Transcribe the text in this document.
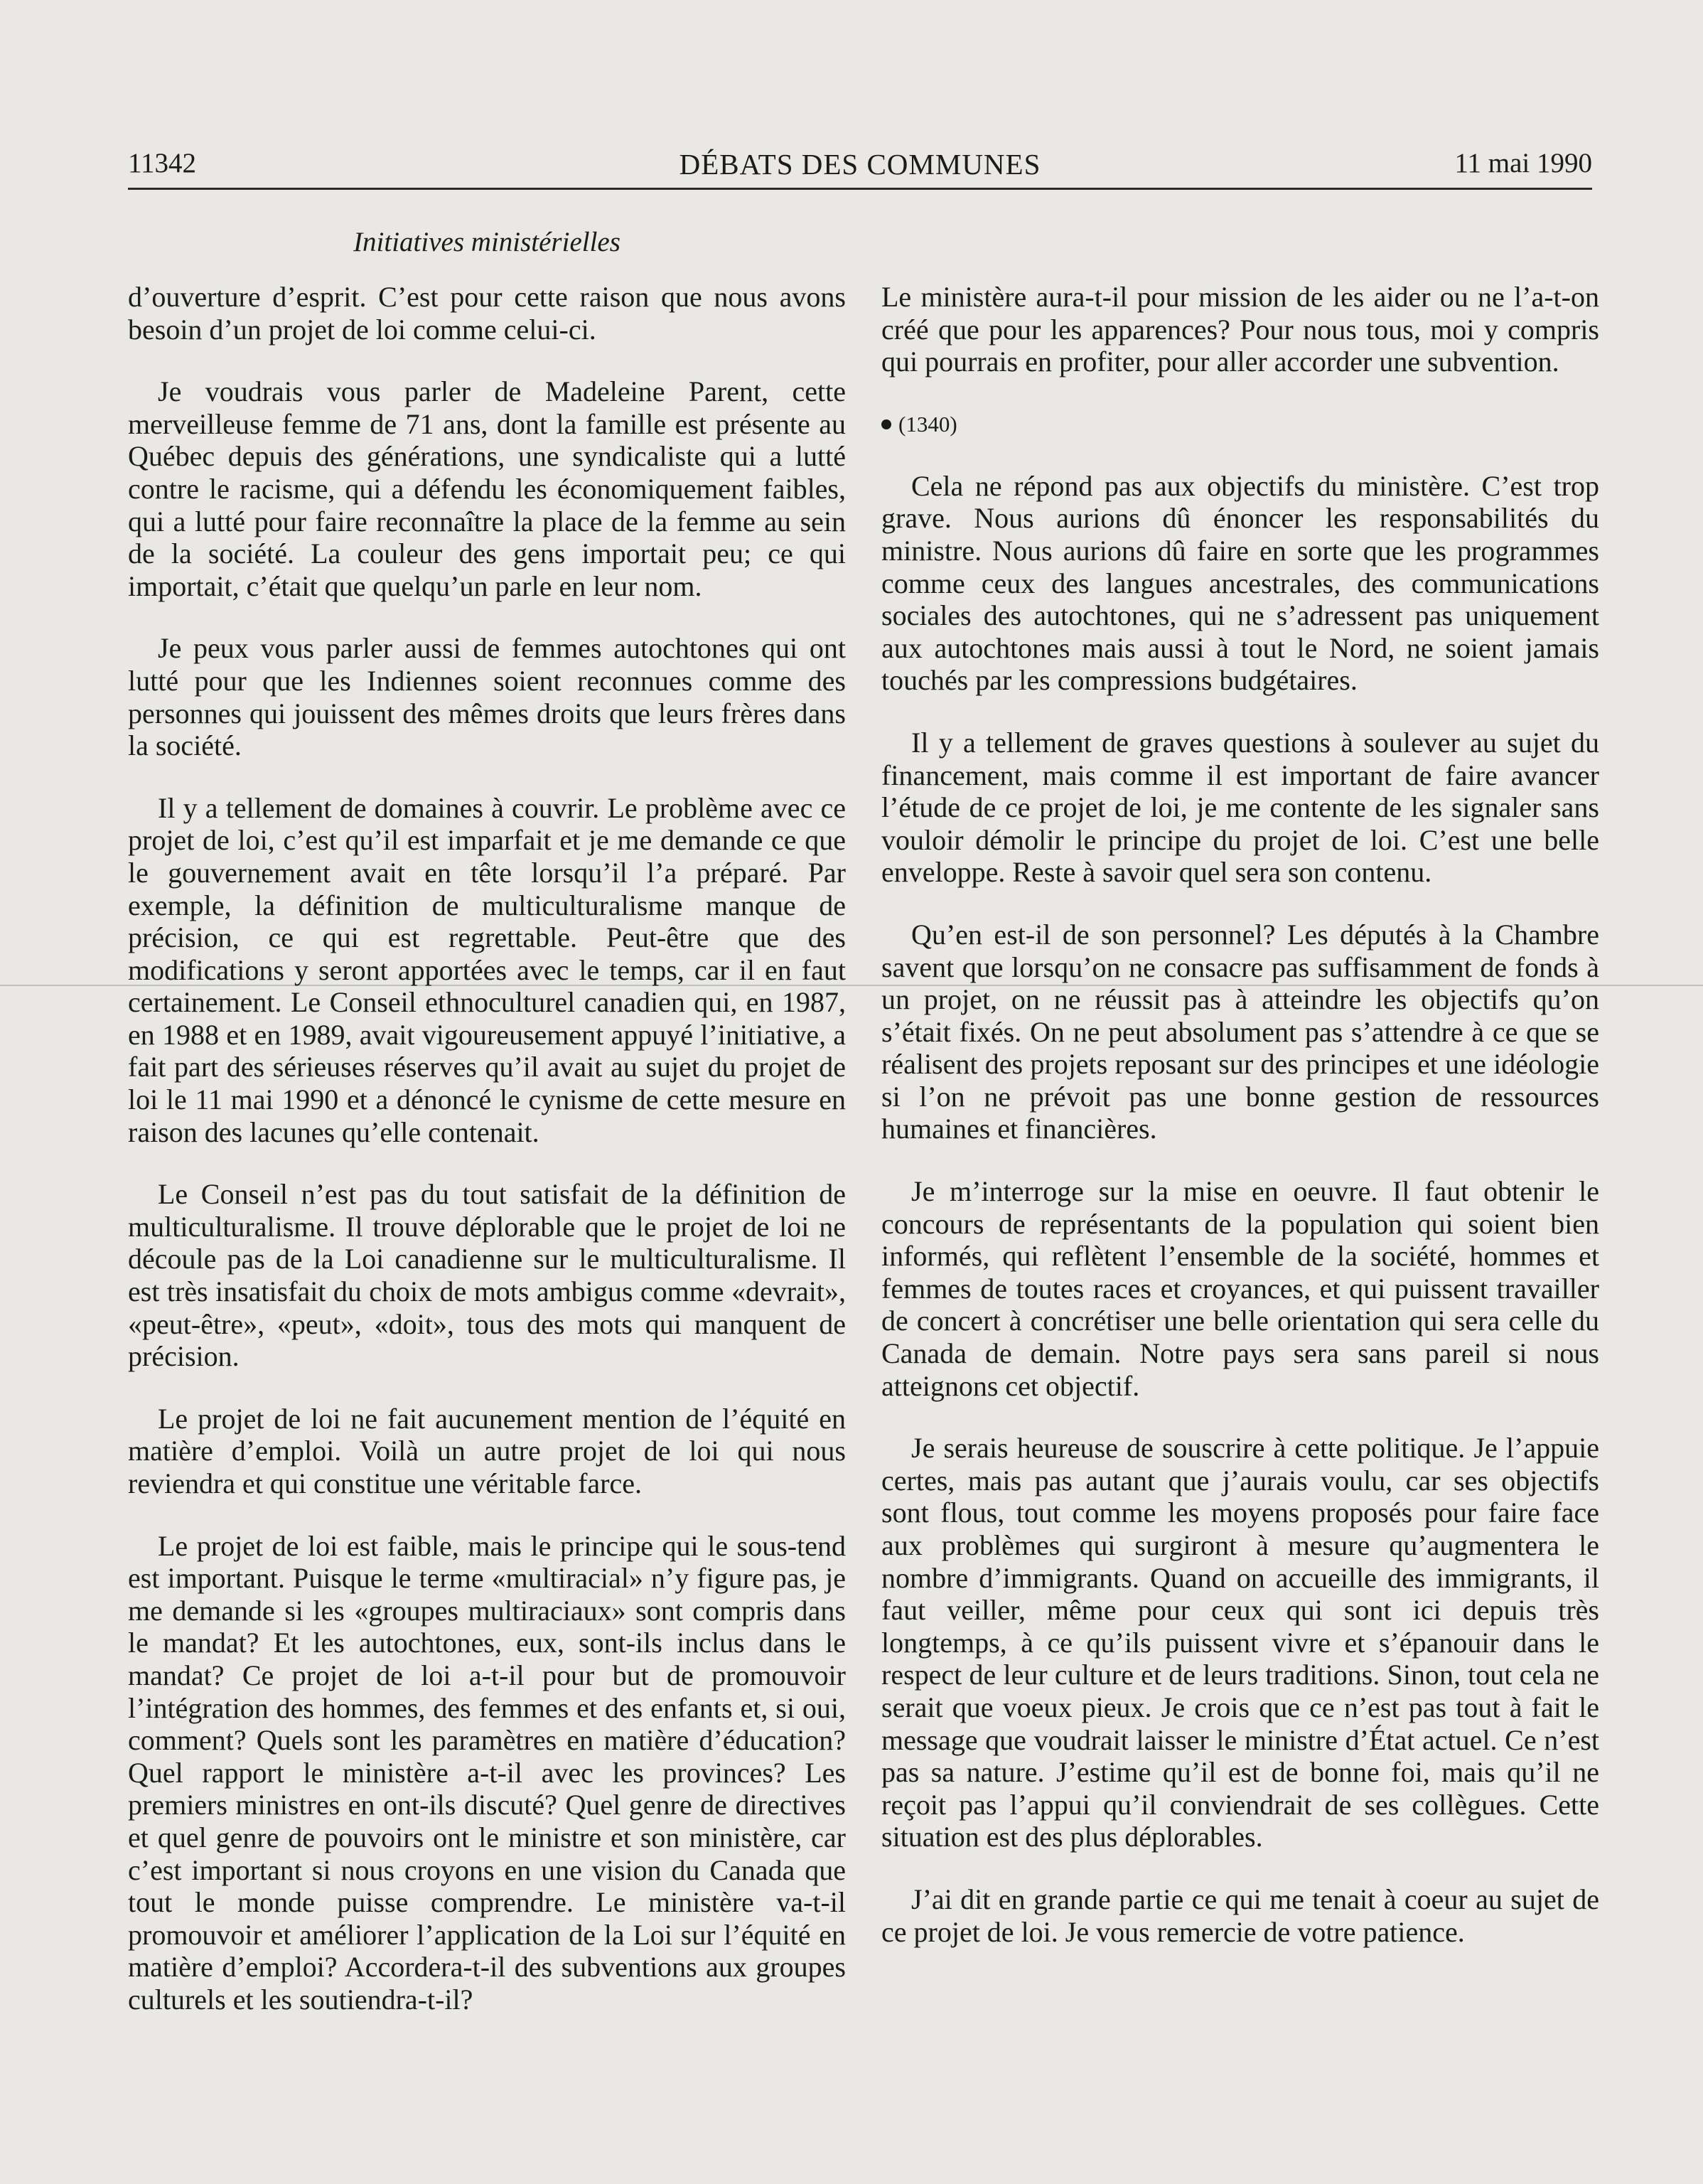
11342	DÉBATS DES COMMUNES	11 mai 1990
Initiatives ministérielles

d’ouverture d’esprit. C’est pour cette raison que nous avons besoin d’un projet de loi comme celui-ci.

Je voudrais vous parler de Madeleine Parent, cette merveilleuse femme de 71 ans, dont la famille est présente au Québec depuis des générations, une syndicaliste qui a lutté contre le racisme, qui a défendu les économiquement faibles, qui a lutté pour faire reconnaître la place de la femme au sein de la société. La couleur des gens importait peu; ce qui importait, c’était que quelqu’un parle en leur nom.

Je peux vous parler aussi de femmes autochtones qui ont lutté pour que les Indiennes soient reconnues comme des personnes qui jouissent des mêmes droits que leurs frères dans la société.

Il y a tellement de domaines à couvrir. Le problème avec ce projet de loi, c’est qu’il est imparfait et je me demande ce que le gouvernement avait en tête lorsqu’il l’a préparé. Par exemple, la définition de multiculturalisme manque de précision, ce qui est regrettable. Peut-être que des modifications y seront apportées avec le temps, car il en faut certainement. Le Conseil ethnoculturel canadien qui, en 1987, en 1988 et en 1989, avait vigoureusement appuyé l’initiative, a fait part des sérieuses réserves qu’il avait au sujet du projet de loi le 11 mai 1990 et a dénoncé le cynisme de cette mesure en raison des lacunes qu’elle contenait.

Le Conseil n’est pas du tout satisfait de la définition de multiculturalisme. Il trouve déplorable que le projet de loi ne découle pas de la Loi canadienne sur le multiculturalisme. Il est très insatisfait du choix de mots ambigus comme «devrait», «peut-être», «peut», «doit», tous des mots qui manquent de précision.

Le projet de loi ne fait aucunement mention de l’équité en matière d’emploi. Voilà un autre projet de loi qui nous reviendra et qui constitue une véritable farce.

Le projet de loi est faible, mais le principe qui le sous-tend est important. Puisque le terme «multiracial» n’y figure pas, je me demande si les «groupes multiraciaux» sont compris dans le mandat? Et les autochtones, eux, sont-ils inclus dans le mandat? Ce projet de loi a-t-il pour but de promouvoir l’intégration des hommes, des femmes et des enfants et, si oui, comment? Quels sont les paramètres en matière d’éducation? Quel rapport le ministère a-t-il avec les provinces? Les premiers ministres en ont-ils discuté? Quel genre de directives et quel genre de pouvoirs ont le ministre et son ministère, car c’est important si nous croyons en une vision du Canada que tout le monde puisse comprendre. Le ministère va-t-il promouvoir et améliorer l’application de la Loi sur l’équité en matière d’emploi? Accordera-t-il des subventions aux groupes culturels et les soutiendra-t-il?

Le ministère aura-t-il pour mission de les aider ou ne l’a-t-on créé que pour les apparences? Pour nous tous, moi y compris qui pourrais en profiter, pour aller accorder une subvention.

(1340)

Cela ne répond pas aux objectifs du ministère. C’est trop grave. Nous aurions dû énoncer les responsabilités du ministre. Nous aurions dû faire en sorte que les programmes comme ceux des langues ancestrales, des communications sociales des autochtones, qui ne s’adressent pas uniquement aux autochtones mais aussi à tout le Nord, ne soient jamais touchés par les compressions budgétaires.

Il y a tellement de graves questions à soulever au sujet du financement, mais comme il est important de faire avancer l’étude de ce projet de loi, je me contente de les signaler sans vouloir démolir le principe du projet de loi. C’est une belle enveloppe. Reste à savoir quel sera son contenu.

Qu’en est-il de son personnel? Les députés à la Chambre savent que lorsqu’on ne consacre pas suffisamment de fonds à un projet, on ne réussit pas à atteindre les objectifs qu’on s’était fixés. On ne peut absolument pas s’attendre à ce que se réalisent des projets reposant sur des principes et une idéologie si l’on ne prévoit pas une bonne gestion de ressources humaines et financières.

Je m’interroge sur la mise en oeuvre. Il faut obtenir le concours de représentants de la population qui soient bien informés, qui reflètent l’ensemble de la société, hommes et femmes de toutes races et croyances, et qui puissent travailler de concert à concrétiser une belle orientation qui sera celle du Canada de demain. Notre pays sera sans pareil si nous atteignons cet objectif.

Je serais heureuse de souscrire à cette politique. Je l’appuie certes, mais pas autant que j’aurais voulu, car ses objectifs sont flous, tout comme les moyens proposés pour faire face aux problèmes qui surgiront à mesure qu’augmentera le nombre d’immigrants. Quand on accueille des immigrants, il faut veiller, même pour ceux qui sont ici depuis très longtemps, à ce qu’ils puissent vivre et s’épanouir dans le respect de leur culture et de leurs traditions. Sinon, tout cela ne serait que voeux pieux. Je crois que ce n’est pas tout à fait le message que voudrait laisser le ministre d’État actuel. Ce n’est pas sa nature. J’estime qu’il est de bonne foi, mais qu’il ne reçoit pas l’appui qu’il conviendrait de ses collègues. Cette situation est des plus déplorables.

J’ai dit en grande partie ce qui me tenait à coeur au sujet de ce projet de loi. Je vous remercie de votre patience.
